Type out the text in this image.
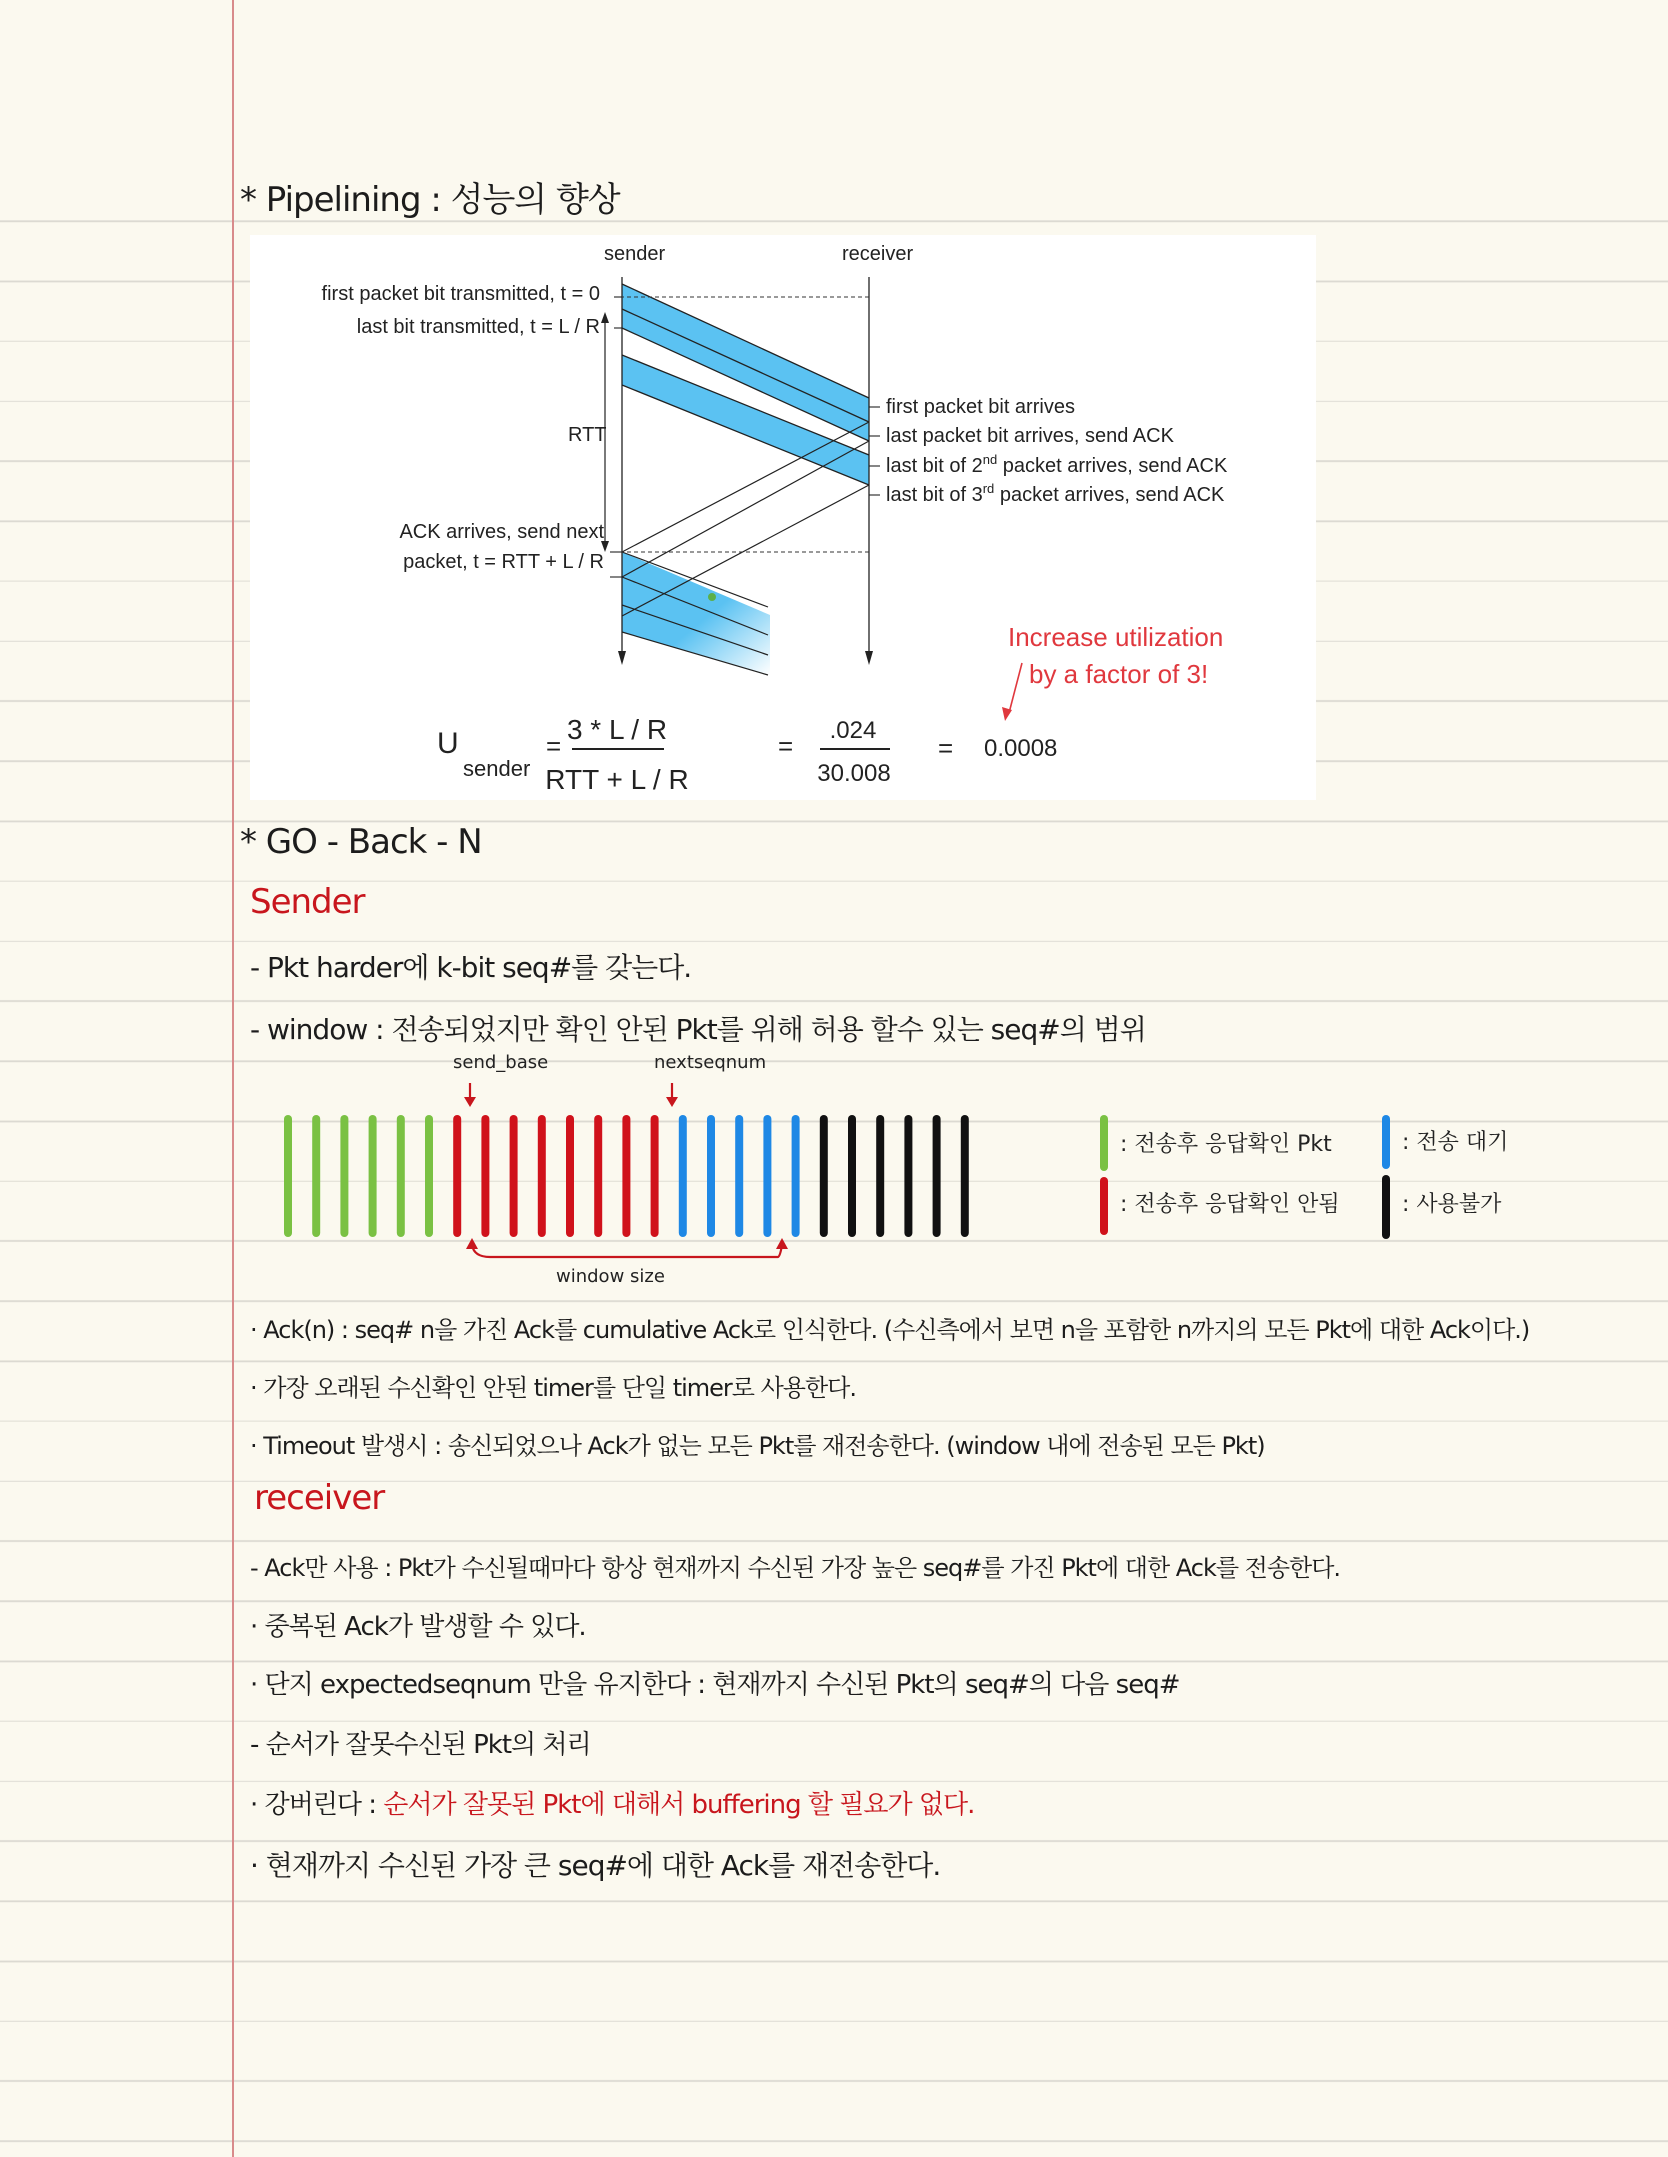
* Pipelining : 성능의 향상
sender	receiver
first packet bit transmitted, t = 0
last bit transmitted, t = L / R
RTT
ACK arrives, send next
packet, t = RTT + L / R
first packet bit arrives
last packet bit arrives, send ACK
last bit of 2nd packet arrives, send ACK
last bit of 3rd packet arrives, send ACK
Increase utilization
by a factor of 3!
U
sender
=
3 * L / R
RTT + L / R
=
.024
30.008
= 0.0008
* GO - Back - N
Sender
- Pkt harder에 k-bit seq#를 갖는다.
- window : 전송되었지만 확인 안된 Pkt를 위해 허용 할수 있는 seq#의 범위
send_base	nextseqnum
window size
: 전송후 응답확인 Pkt
: 전송후 응답확인 안됨
: 전송 대기
: 사용불가
· Ack(n) : seq# n을 가진 Ack를 cumulative Ack로 인식한다. (수신측에서 보면 n을 포함한 n까지의 모든 Pkt에 대한 Ack이다.)
· 가장 오래된 수신확인 안된 timer를 단일 timer로 사용한다.
· Timeout 발생시 : 송신되었으나 Ack가 없는 모든 Pkt를 재전송한다. (window 내에 전송된 모든 Pkt)
receiver
- Ack만 사용 : Pkt가 수신될때마다 항상 현재까지 수신된 가장 높은 seq#를 가진 Pkt에 대한 Ack를 전송한다.
· 중복된 Ack가 발생할 수 있다.
· 단지 expectedseqnum 만을 유지한다 : 현재까지 수신된 Pkt의 seq#의 다음 seq#
- 순서가 잘못수신된 Pkt의 처리
· 강버린다 : 순서가 잘못된 Pkt에 대해서 buffering 할 필요가 없다.
· 현재까지 수신된 가장 큰 seq#에 대한 Ack를 재전송한다.
